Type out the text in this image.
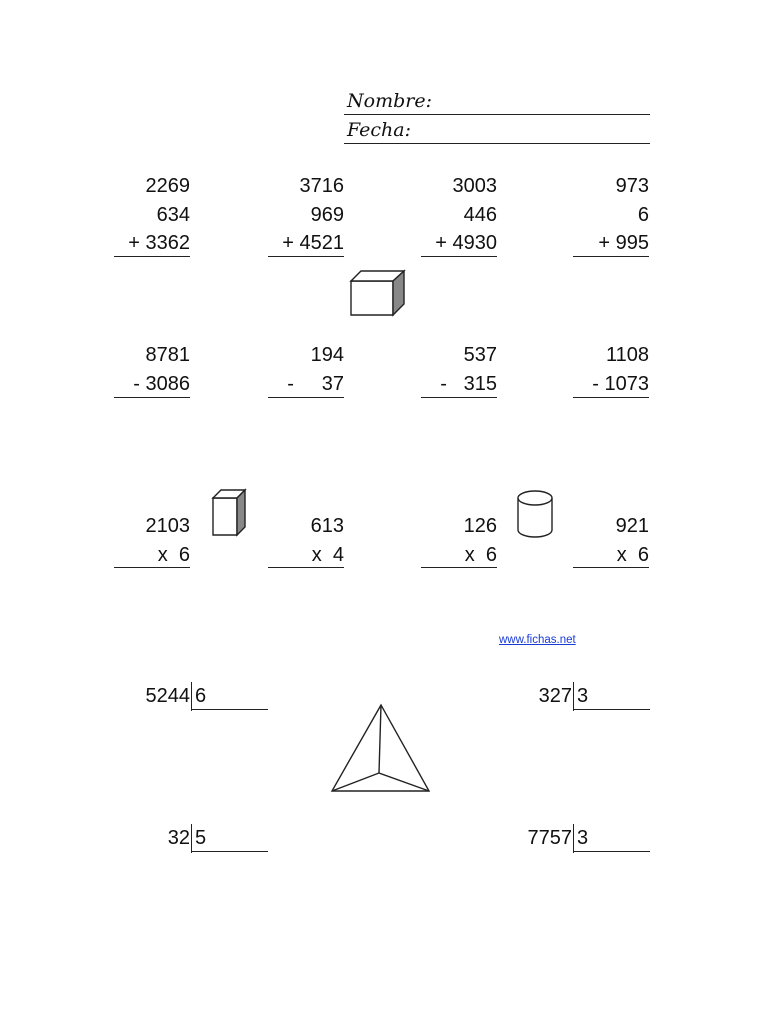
Nombre:
Fecha:
2269
634
+ 3362
3716
969
+ 4521
3003
446
+ 4930
973
6
+ 995
8781
- 3086
194
-     37
537
-   315
1108
- 1073
2103
x  6
613
x  4
126
x  6
921
x  6
www.fichas.net
5244 6	327 3
32 5	7757 3
